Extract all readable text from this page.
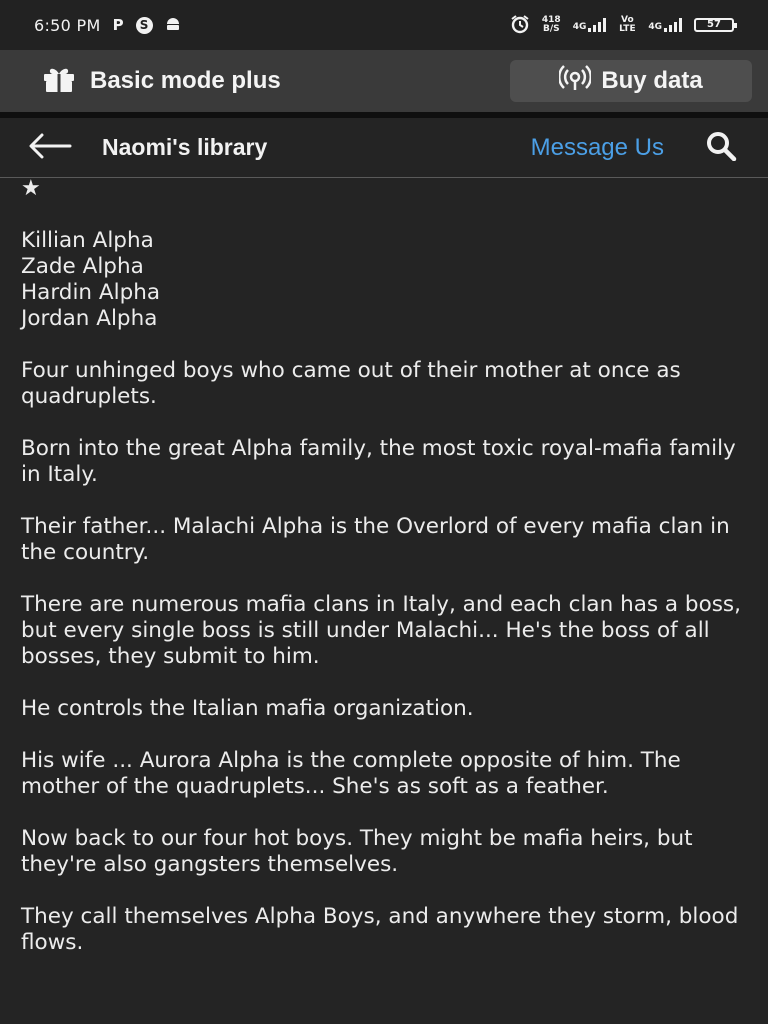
6:50 PM P S	418
B/S 4G
Vo LTE 4G	57
Basic mode plus	Buy data
Naomi's library	Message Us
★

Killian Alpha
Zade Alpha
Hardin Alpha
Jordan Alpha

Four unhinged boys who came out of their mother at once as quadruplets.

Born into the great Alpha family, the most toxic royal-mafia family in Italy.

Their father... Malachi Alpha is the Overlord of every mafia clan in the country.

There are numerous mafia clans in Italy, and each clan has a boss, but every single boss is still under Malachi... He's the boss of all bosses, they submit to him.

He controls the Italian mafia organization.

His wife ... Aurora Alpha is the complete opposite of him. The mother of the quadruplets... She's as soft as a feather.

Now back to our four hot boys. They might be mafia heirs, but they're also gangsters themselves.

They call themselves Alpha Boys, and anywhere they storm, blood flows.
